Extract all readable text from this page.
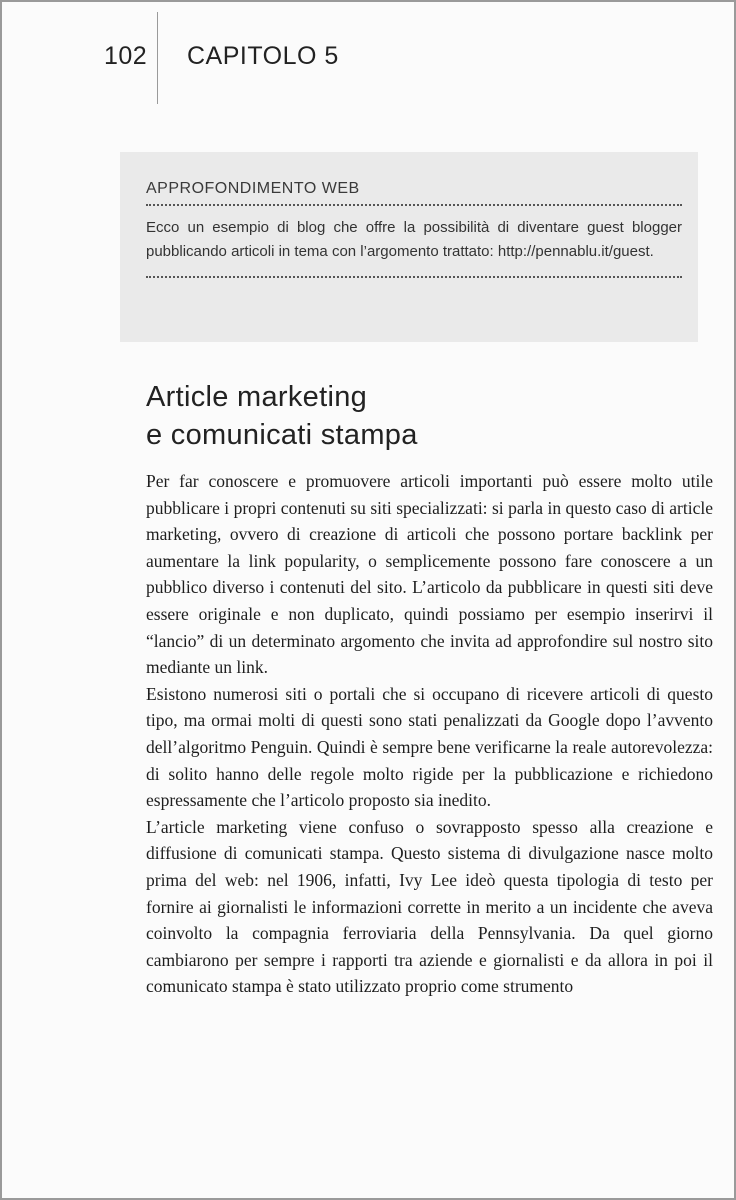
102 CAPITOLO 5
APPROFONDIMENTO WEB
Ecco un esempio di blog che offre la possibilità di diventare guest blogger pubblicando articoli in tema con l’argomento trattato: http://pennablu.it/guest.
Article marketing
e comunicati stampa

Per far conoscere e promuovere articoli importanti può essere molto utile pubblicare i propri contenuti su siti specializzati: si parla in questo caso di article marketing, ovvero di creazione di articoli che possono portare backlink per aumentare la link popularity, o semplicemente possono fare conoscere a un pubblico diverso i contenuti del sito. L’articolo da pubblicare in questi siti deve essere originale e non duplicato, quindi possiamo per esempio inserirvi il “lancio” di un determinato argomento che invita ad approfondire sul nostro sito mediante un link.

Esistono numerosi siti o portali che si occupano di ricevere articoli di questo tipo, ma ormai molti di questi sono stati penalizzati da Google dopo l’avvento dell’algoritmo Penguin. Quindi è sempre bene verificarne la reale autorevolezza: di solito hanno delle regole molto rigide per la pubblicazione e richiedono espressamente che l’articolo proposto sia inedito.

L’article marketing viene confuso o sovrapposto spesso alla creazione e diffusione di comunicati stampa. Questo sistema di divulgazione nasce molto prima del web: nel 1906, infatti, Ivy Lee ideò questa tipologia di testo per fornire ai giornalisti le informazioni corrette in merito a un incidente che aveva coinvolto la compagnia ferroviaria della Pennsylvania. Da quel giorno cambiarono per sempre i rapporti tra aziende e giornalisti e da allora in poi il comunicato stampa è stato utilizzato proprio come strumento
